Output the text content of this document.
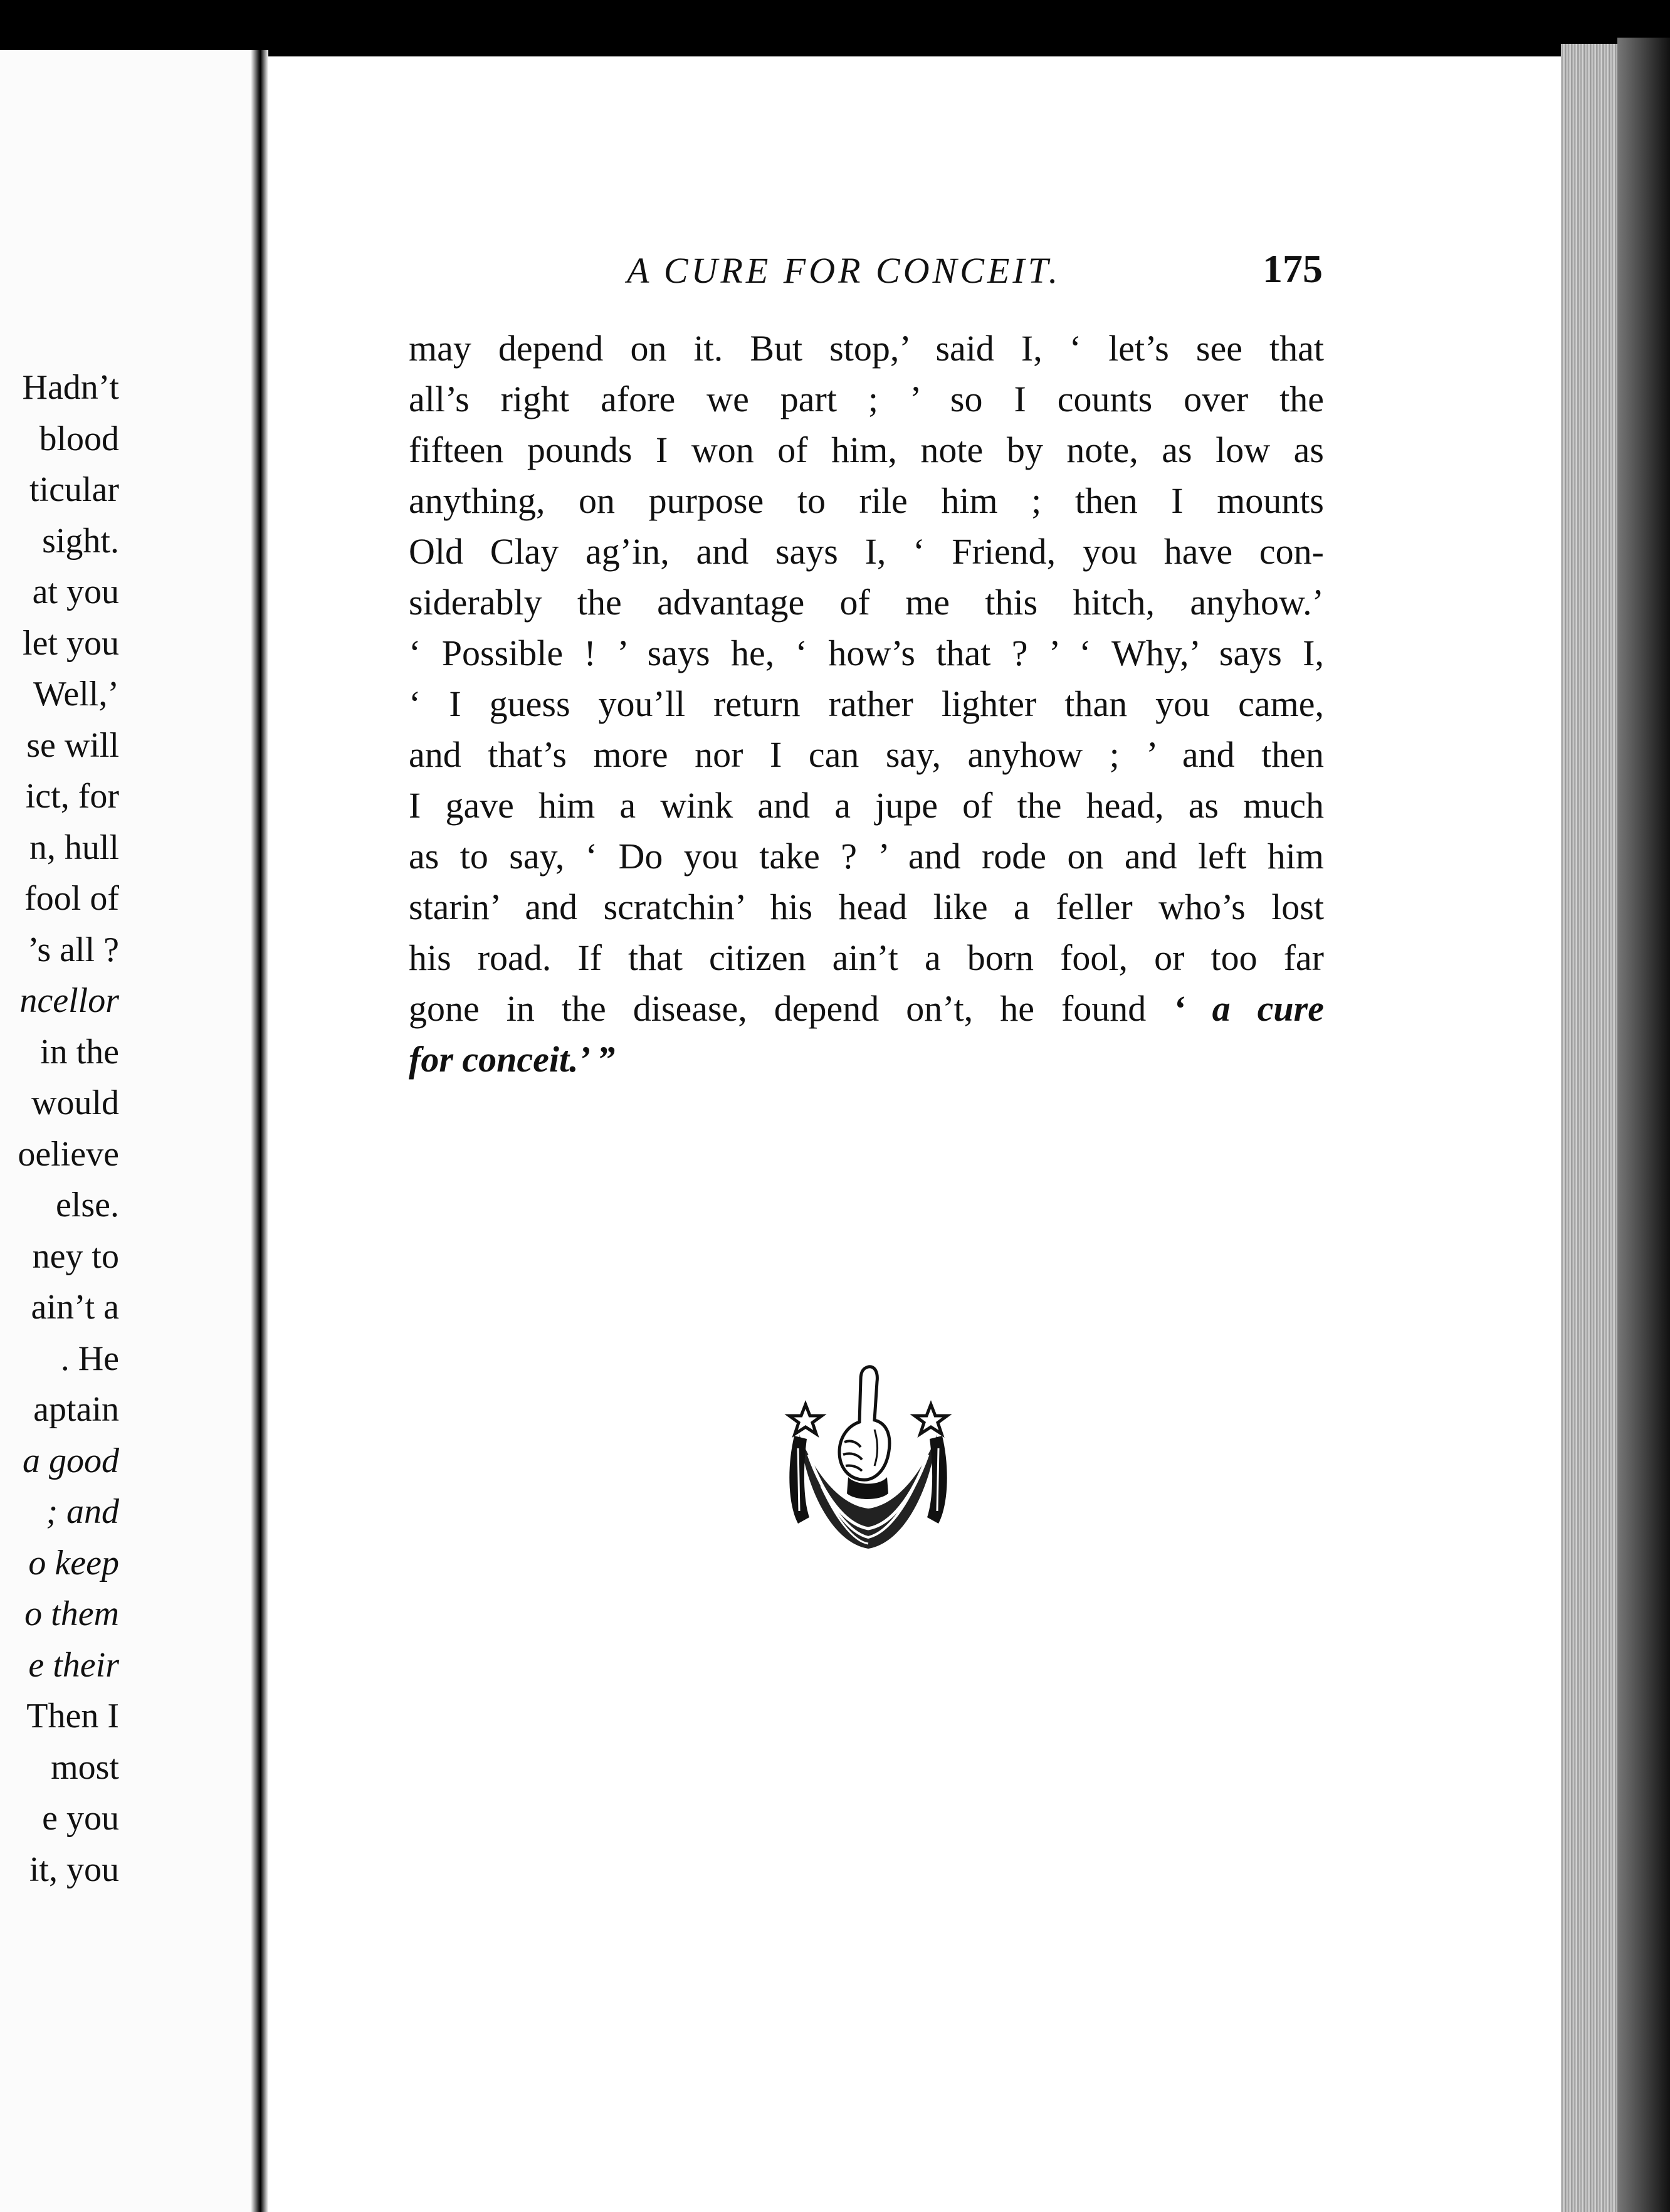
Hadn’t
blood
ticular
sight.
at you
let you
Well,’
se will
ict, for
n, hull
fool of
’s all ?
ncellor
in the
would
oelieve
else.
ney to
ain’t a
. He
aptain
a good
; and
o keep
o them
e their
Then I
most
e you
it, you
A CURE FOR CONCEIT.	175
may depend on it. But stop,’ said I, ‘ let’s see that
all’s right afore we part ; ’ so I counts over the
fifteen pounds I won of him, note by note, as low as
anything, on purpose to rile him ; then I mounts
Old Clay ag’in, and says I, ‘ Friend, you have con-
siderably the advantage of me this hitch, anyhow.’
‘ Possible ! ’ says he, ‘ how’s that ? ’ ‘ Why,’ says I,
‘ I guess you’ll return rather lighter than you came,
and that’s more nor I can say, anyhow ; ’ and then
I gave him a wink and a jupe of the head, as much
as to say, ‘ Do you take ? ’ and rode on and left him
starin’ and scratchin’ his head like a feller who’s lost
his road. If that citizen ain’t a born fool, or too far
gone in the disease, depend on’t, he found ‘ a cure
for conceit.’ ”
